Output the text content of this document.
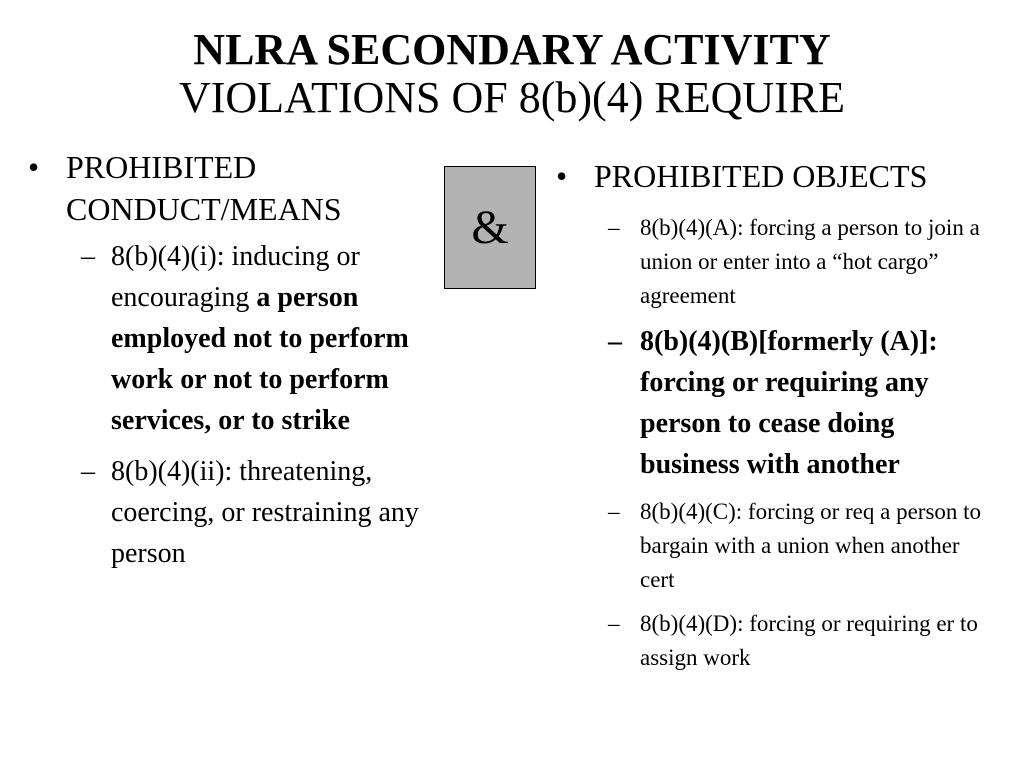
NLRA SECONDARY ACTIVITY
VIOLATIONS OF 8(b)(4) REQUIRE
• PROHIBITED CONDUCT/MEANS
– 8(b)(4)(i): inducing or encouraging a person employed not to perform work or not to perform services, or to strike
– 8(b)(4)(ii): threatening, coercing, or restraining any person
&
• PROHIBITED OBJECTS
– 8(b)(4)(A): forcing a person to join a union or enter into a “hot cargo” agreement
– 8(b)(4)(B)[formerly (A)]: forcing or requiring any person to cease doing business with another
– 8(b)(4)(C): forcing or req a person to bargain with a union when another cert
– 8(b)(4)(D): forcing or requiring er to assign work
